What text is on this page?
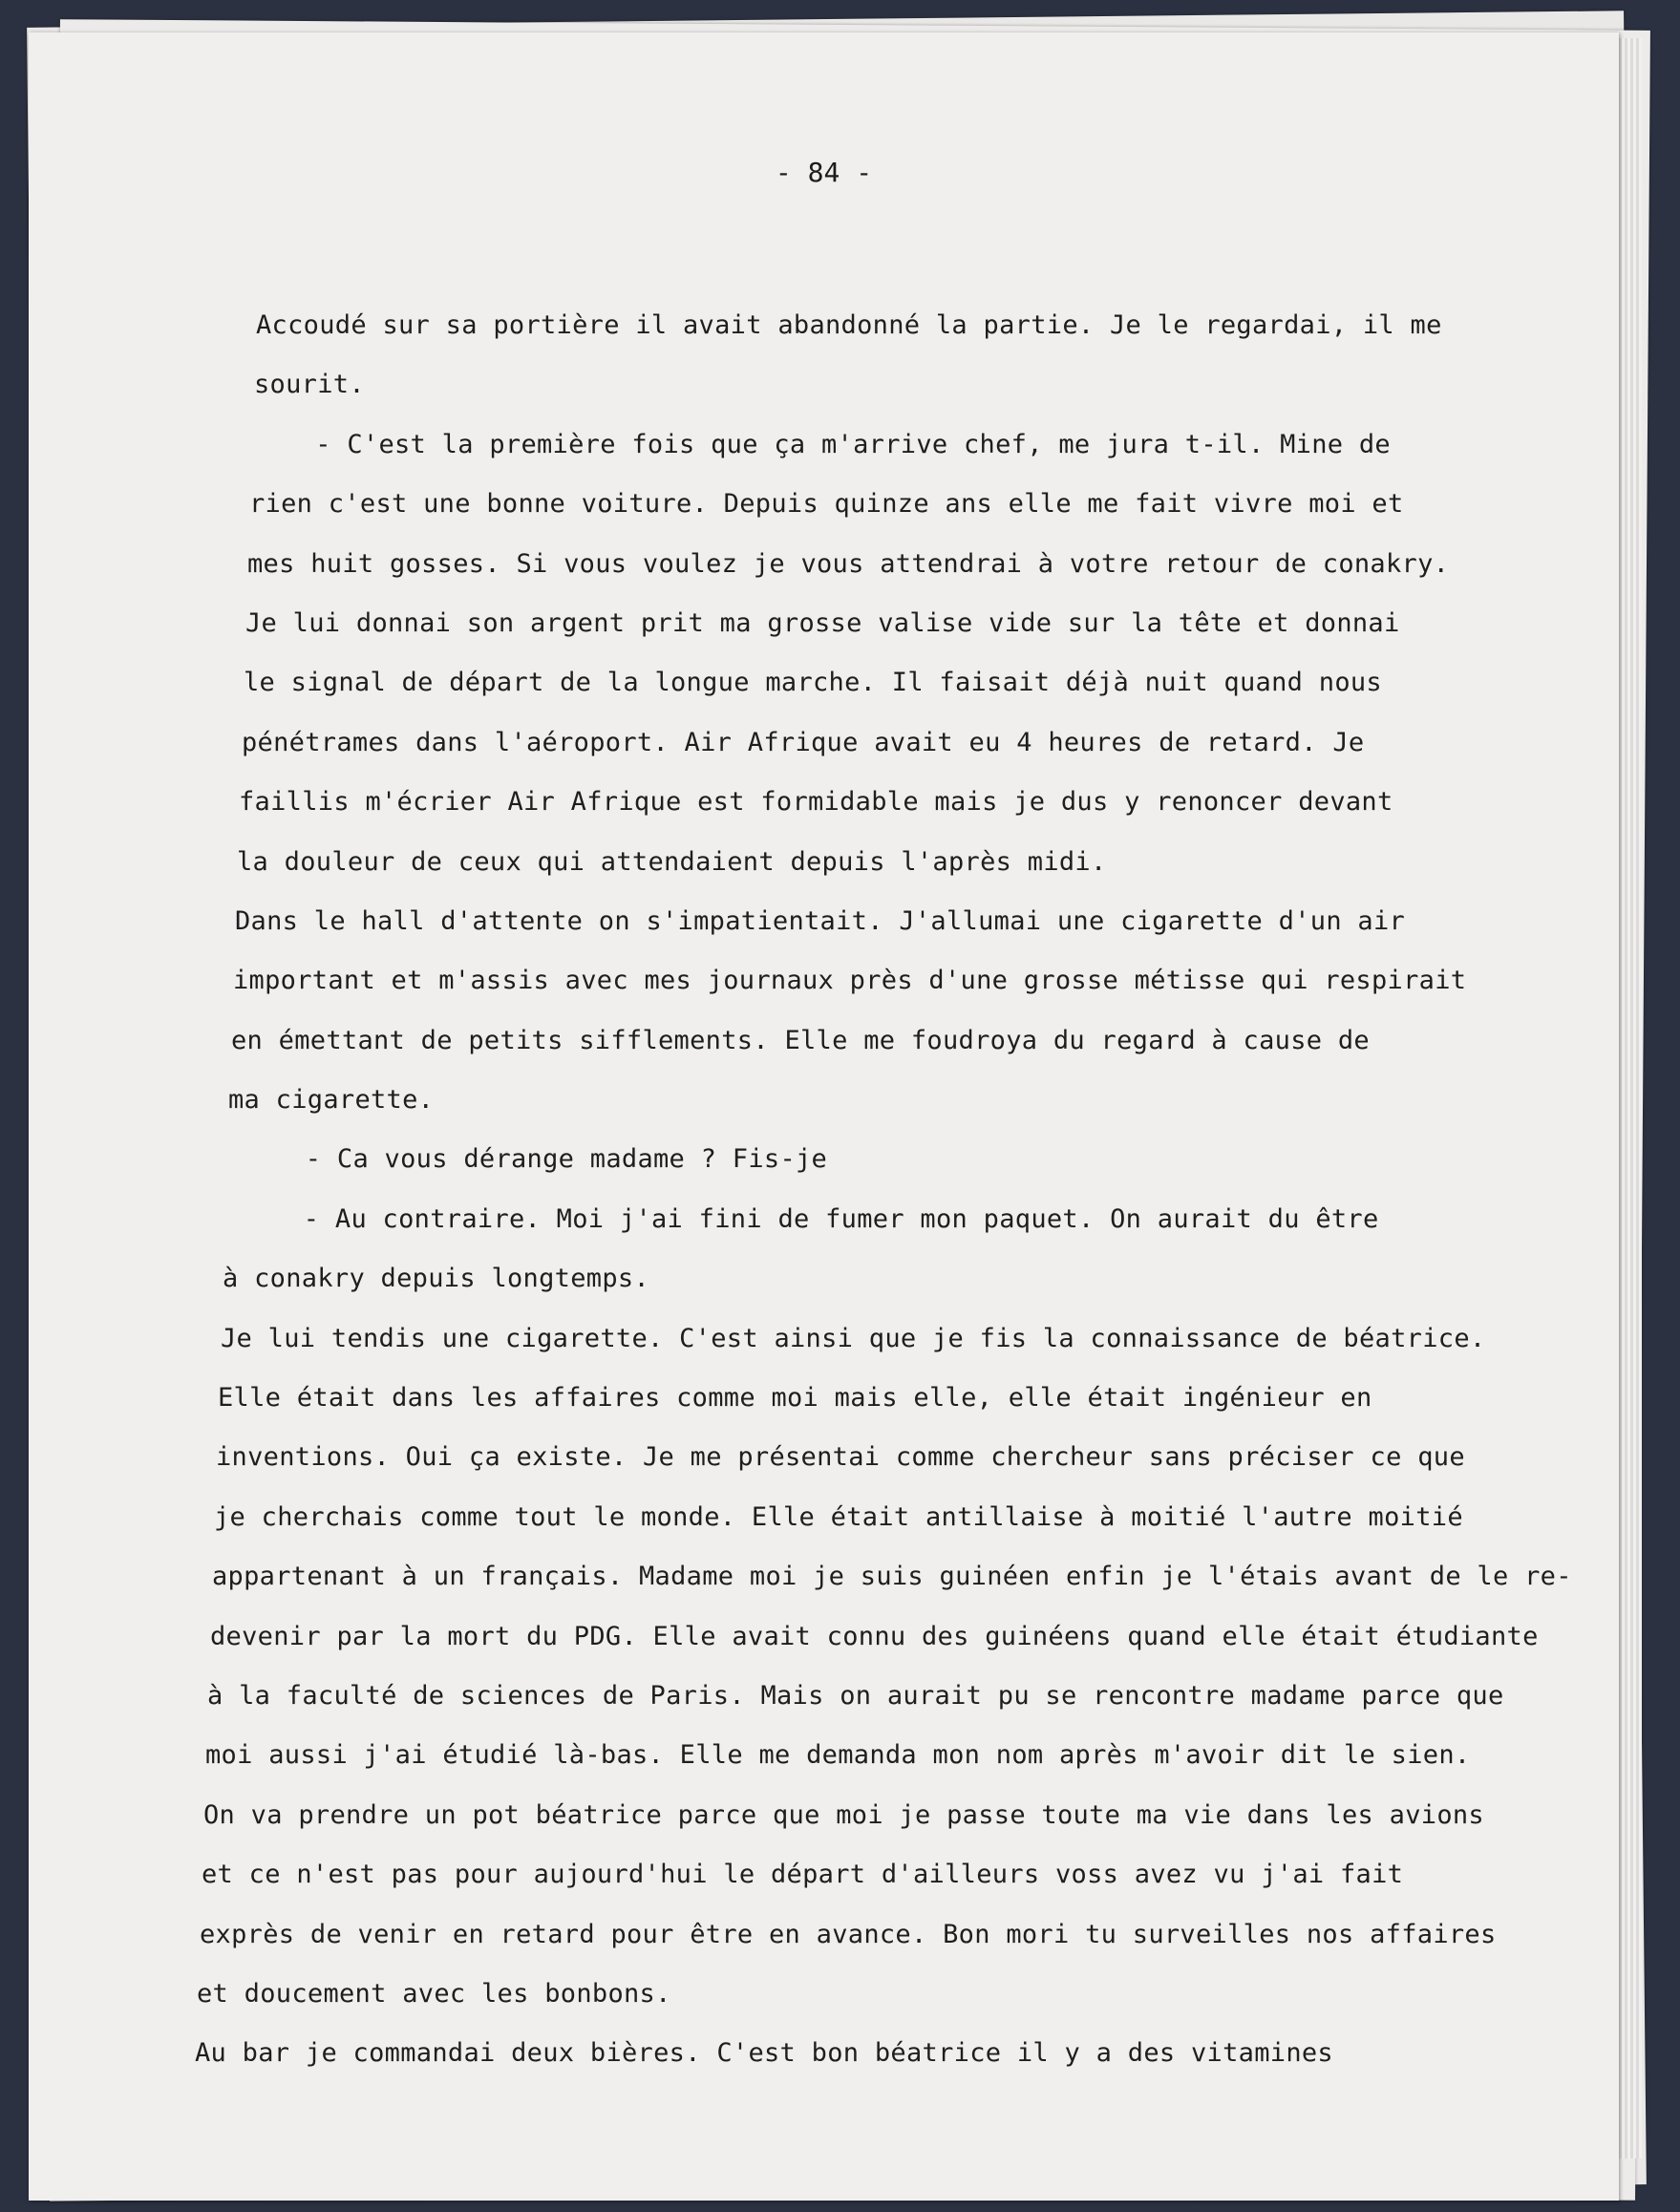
- 84 -
Accoudé sur sa portière il avait abandonné la partie. Je le regardai, il me
sourit.
- C'est la première fois que ça m'arrive chef, me jura t-il. Mine de
rien c'est une bonne voiture. Depuis quinze ans elle me fait vivre moi et
mes huit gosses. Si vous voulez je vous attendrai à votre retour de conakry.
Je lui donnai son argent prit ma grosse valise vide sur la tête et donnai
le signal de départ de la longue marche. Il faisait déjà nuit quand nous
pénétrames dans l'aéroport. Air Afrique avait eu 4 heures de retard. Je
faillis m'écrier Air Afrique est formidable mais je dus y renoncer devant
la douleur de ceux qui attendaient depuis l'après midi.
Dans le hall d'attente on s'impatientait. J'allumai une cigarette d'un air
important et m'assis avec mes journaux près d'une grosse métisse qui respirait
en émettant de petits sifflements. Elle me foudroya du regard à cause de
ma cigarette.
- Ca vous dérange madame ? Fis-je
- Au contraire. Moi j'ai fini de fumer mon paquet. On aurait du être
à conakry depuis longtemps.
Je lui tendis une cigarette. C'est ainsi que je fis la connaissance de béatrice.
Elle était dans les affaires comme moi mais elle, elle était ingénieur en
inventions. Oui ça existe. Je me présentai comme chercheur sans préciser ce que
je cherchais comme tout le monde. Elle était antillaise à moitié l'autre moitié
appartenant à un français. Madame moi je suis guinéen enfin je l'étais avant de le re-
devenir par la mort du PDG. Elle avait connu des guinéens quand elle était étudiante
à la faculté de sciences de Paris. Mais on aurait pu se rencontre madame parce que
moi aussi j'ai étudié là-bas. Elle me demanda mon nom après m'avoir dit le sien.
On va prendre un pot béatrice parce que moi je passe toute ma vie dans les avions
et ce n'est pas pour aujourd'hui le départ d'ailleurs voss avez vu j'ai fait
exprès de venir en retard pour être en avance. Bon mori tu surveilles nos affaires
et doucement avec les bonbons.
Au bar je commandai deux bières. C'est bon béatrice il y a des vitamines
